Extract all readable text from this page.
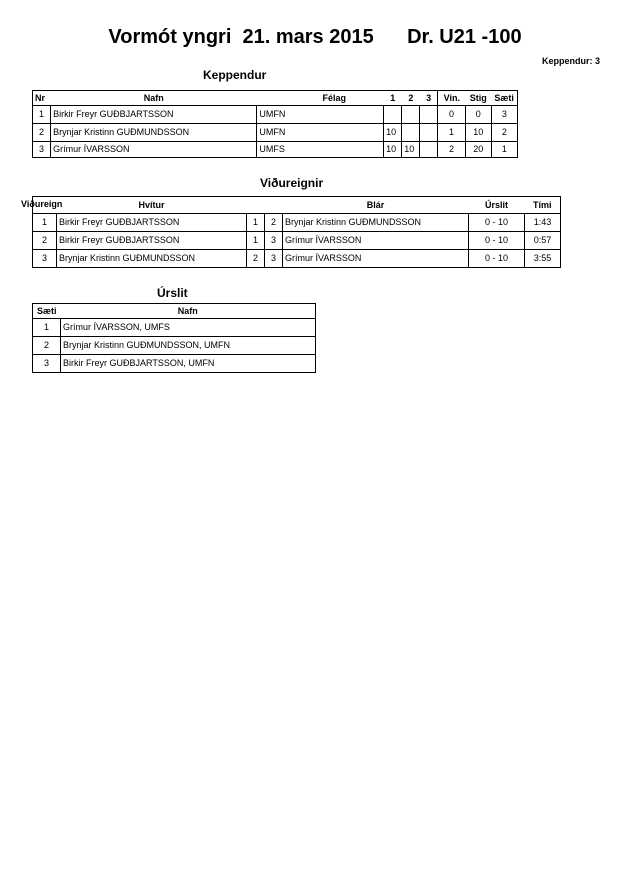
Vormót yngri  21. mars 2015      Dr. U21 -100
Keppendur: 3
Keppendur
Nr	Nafn	Félag	1	2	3	Vin.	Stig	Sæti
1	Birkir Freyr GUÐBJARTSSON	UMFN				0	0	3
2	Brynjar Kristinn GUÐMUNDSSON	UMFN	10			1	10	2
3	Grímur ÍVARSSON	UMFS	10	10		2	20	1
Viðureignir
Viðureign	Hvítur			Blár	Úrslit	Tími
1	Birkir Freyr GUÐBJARTSSON	1	2	Brynjar Kristinn GUÐMUNDSSON	0 - 10	1:43
2	Birkir Freyr GUÐBJARTSSON	1	3	Grímur ÍVARSSON	0 - 10	0:57
3	Brynjar Kristinn GUÐMUNDSSON	2	3	Grímur ÍVARSSON	0 - 10	3:55
Úrslit
Sæti	Nafn
1	Grímur ÍVARSSON, UMFS
2	Brynjar Kristinn GUÐMUNDSSON, UMFN
3	Birkir Freyr GUÐBJARTSSON, UMFN
